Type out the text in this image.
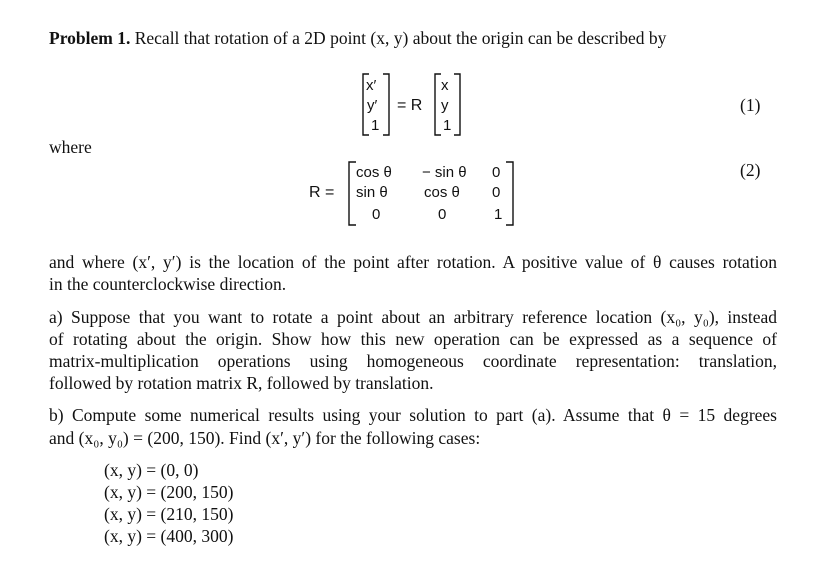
Problem 1. Recall that rotation of a 2D point (x, y) about the origin can be described by
x′
y′
1
= R
x
y
1
R =
cos θ − sin θ 0
sin θ cos θ 0
0	0	1
(1)
(2)
where
and where (x′, y′) is the location of the point after rotation. A positive value of θ causes rotation
in the counterclockwise direction.
a) Suppose that you want to rotate a point about an arbitrary reference location (x₀, y₀), instead
of rotating about the origin. Show how this new operation can be expressed as a sequence of
matrix-multiplication operations using homogeneous coordinate representation: translation,
followed by rotation matrix R, followed by translation.
b) Compute some numerical results using your solution to part (a). Assume that θ = 15 degrees
and (x₀, y₀) = (200, 150). Find (x′, y′) for the following cases:
(x, y) = (0, 0)
(x, y) = (200, 150)
(x, y) = (210, 150)
(x, y) = (400, 300)
